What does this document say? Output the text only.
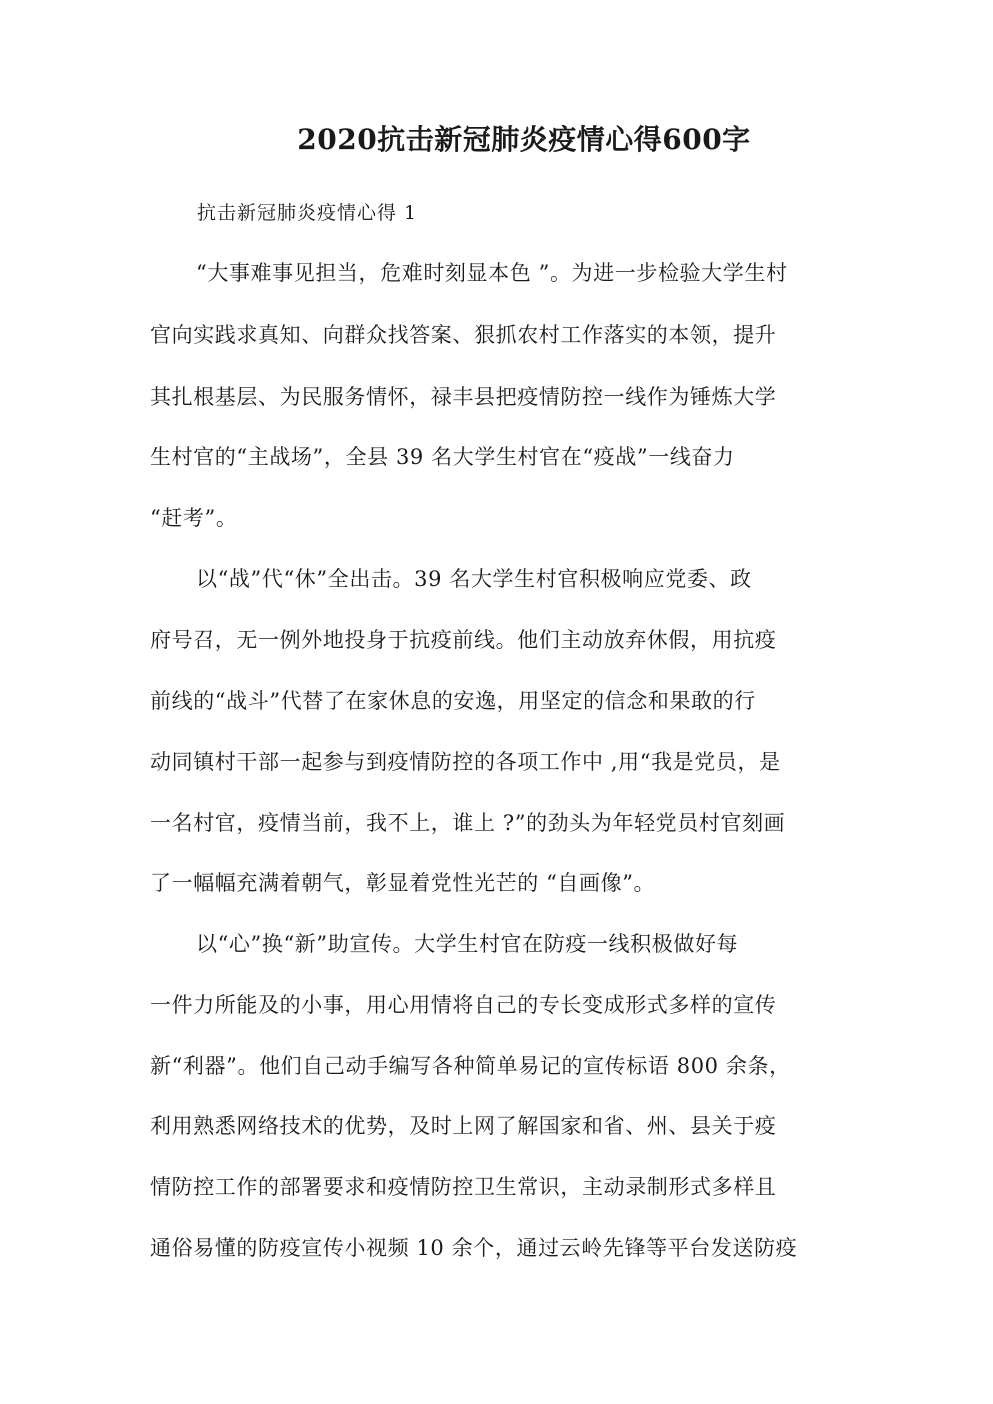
2020抗击新冠肺炎疫情心得600字
抗击新冠肺炎疫情心得 1
“大事难事见担当，危难时刻显本色 ”。为进一步检验大学生村
官向实践求真知、向群众找答案、狠抓农村工作落实的本领，提升
其扎根基层、为民服务情怀，禄丰县把疫情防控一线作为锤炼大学
生村官的“主战场”，全县 39 名大学生村官在“疫战”一线奋力
“赶考”。
以“战”代“休”全出击。39 名大学生村官积极响应党委、政
府号召，无一例外地投身于抗疫前线。他们主动放弃休假，用抗疫
前线的“战斗”代替了在家休息的安逸，用坚定的信念和果敢的行
动同镇村干部一起参与到疫情防控的各项工作中 ,用“我是党员，是
一名村官，疫情当前，我不上，谁上 ?”的劲头为年轻党员村官刻画
了一幅幅充满着朝气，彰显着党性光芒的 “自画像”。
以“心”换“新”助宣传。大学生村官在防疫一线积极做好每
一件力所能及的小事，用心用情将自己的专长变成形式多样的宣传
新“利器”。他们自己动手编写各种简单易记的宣传标语 800 余条，
利用熟悉网络技术的优势，及时上网了解国家和省、州、县关于疫
情防控工作的部署要求和疫情防控卫生常识，主动录制形式多样且
通俗易懂的防疫宣传小视频 10 余个，通过云岭先锋等平台发送防疫
